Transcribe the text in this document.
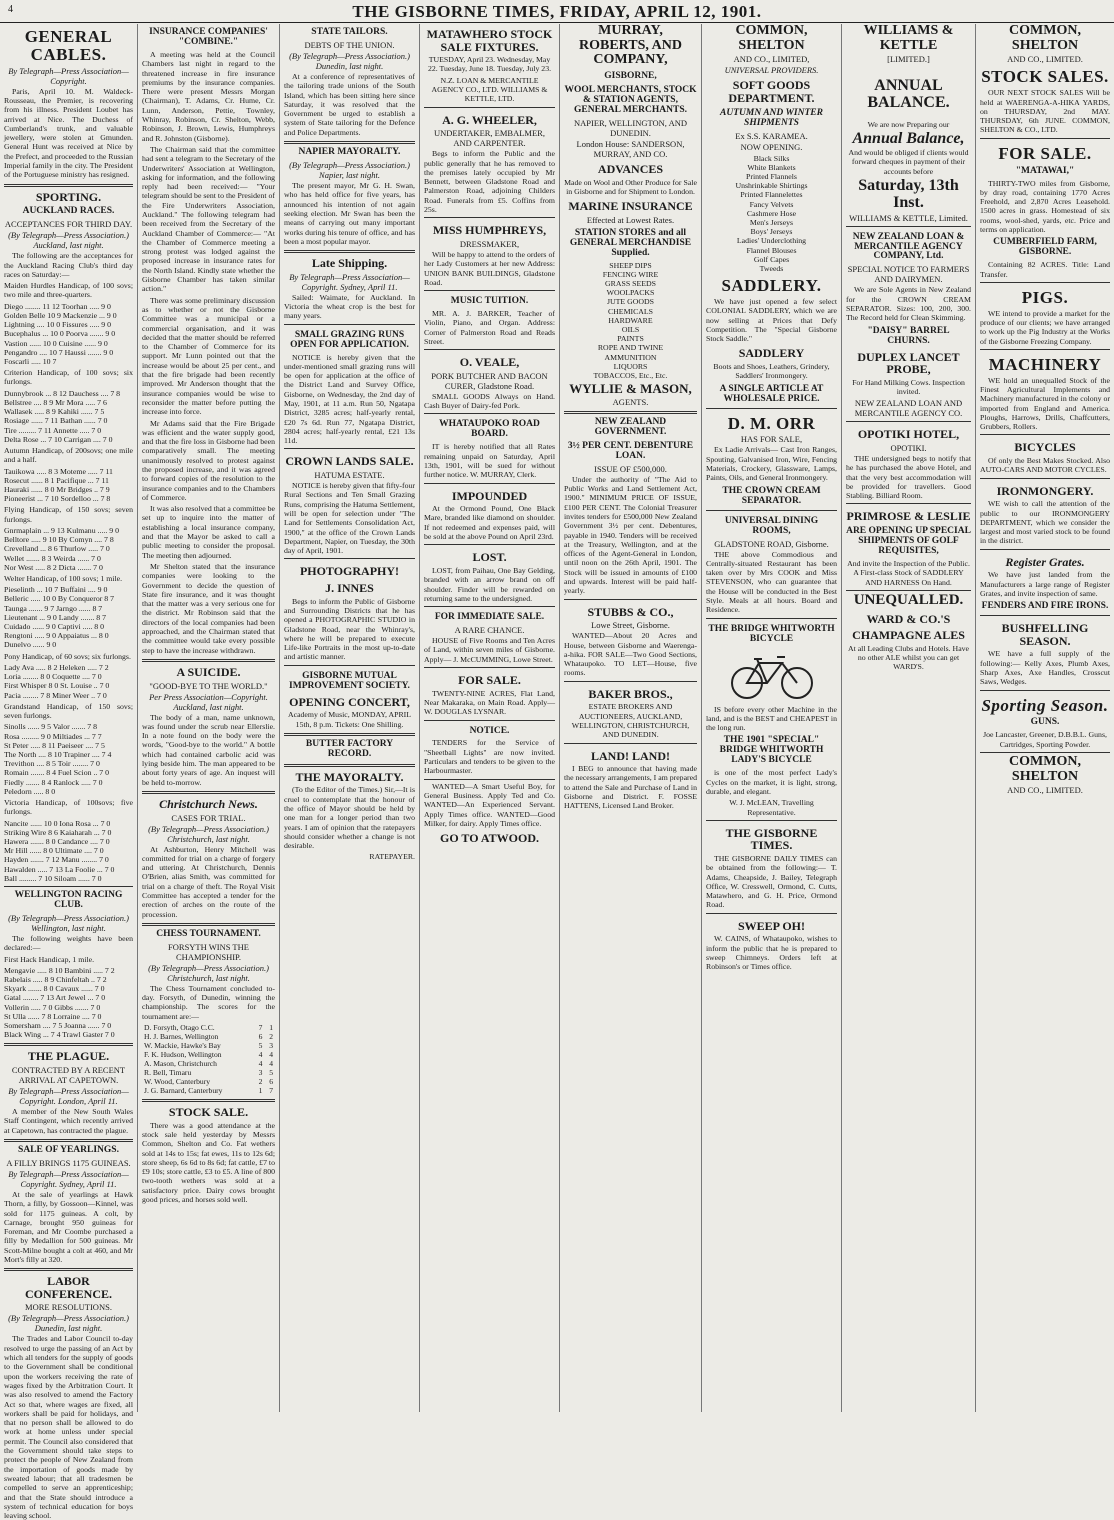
4	THE GISBORNE TIMES, FRIDAY, APRIL 12, 1901.
GENERAL CABLES.
By Telegraph—Press Association—Copyright.

Paris, April 10. M. Waldeck-Rousseau, the Premier, is recovering from his illness. President Loubet has arrived at Nice. The Duchess of Cumberland's trunk, and valuable jewellery, were stolen at Gmunden. General Hunt was received at Nice by the Prefect, and proceeded to the Russian Imperial family in the city. The President of the Portuguese ministry has resigned.

SPORTING.
AUCKLAND RACES.
ACCEPTANCES FOR THIRD DAY.
(By Telegraph—Press Association.) Auckland, last night.

The following are the acceptances for the Auckland Racing Club's third day races on Saturday:—

Maiden Hurdles Handicap, of 100 sovs; two mile and three-quarters.

Diego ........ 11 12 Toorhan ..... 9 0
Golden Belle 10 9 Mackenzie ... 9 0
Lightning .... 10 0 Fissures ..... 9 0
Bucephalus ... 10 0 Poorva ....... 9 0
Vastion ...... 10 0 Cuisine ...... 9 0
Pengandro .... 10 7 Haussi ....... 9 0
Foscarli ..... 10 7

Criterion Handicap, of 100 sovs; six furlongs.

Dunnybrook ... 8 12 Dauchess .... 7 8
Bellstree .... 8 9 Mr Mora ..... 7 6
Wallasek ..... 8 9 Kahiki ...... 7 5
Rosiage ...... 7 11 Bathan ...... 7 0
Tire ......... 7 11 Annette ..... 7 0
Delta Rose ... 7 10 Carrigan .... 7 0

Autumn Handicap, of 200sovs; one mile and a half.

Tauikowa ..... 8 3 Moteme ..... 7 11
Rosecut ...... 8 1 Pacifique ... 7 11
Hauraki ...... 8 0 Mr Bridges .. 7 9
Pioneerist ... 7 10 Sordelloo ... 7 8

Flying Handicap, of 150 sovs; seven furlongs.

Gnrmaplain ... 9 13 Kulmanu ..... 9 0
Belltore ..... 9 10 By Comyn .... 7 8
Crevelland ... 8 6 Thurlow ..... 7 0
Wellet ....... 8 3 Weirda ...... 7 0
Nor West ..... 8 2 Dicta ....... 7 0

Welter Handicap, of 100 sovs; 1 mile.

Pieselinth ... 10 7 Buffaini .... 9 0
Belleric ..... 10 0 By Conqueror 8 7
Taunga ....... 9 7 Jarngo ...... 8 7
Lieutenant ... 9 0 Landy ....... 8 7
Cuidado ...... 9 0 Captivi ..... 8 0
Rengtoni ..... 9 0 Appaiatus ... 8 0
Dunelvo ...... 9 0

Pony Handicap, of 60 sovs; six furlongs.

Lady Ava ..... 8 2 Heleken ..... 7 2
Loria ........ 8 0 Coquette .... 7 0
First Whisper 8 0 St. Louise .. 7 0
Pacia ........ 7 8 Miner Weer .. 7 0

Grandstand Handicap, of 150 sovs; seven furlongs.

Sinolls ...... 9 5 Valor ....... 7 8
Rosa ......... 9 0 Miltiades ... 7 7
St Peter ..... 8 11 Paeiseer .... 7 5
The North .... 8 10 Trapiner .... 7 4
Trevithon .... 8 5 Toir ........ 7 0
Romain ....... 8 4 Fuel Scion .. 7 0
Fiedly ....... 8 4 Ranlock ..... 7 0
Peledorn ..... 8 0

Victoria Handicap, of 100sovs; five furlongs.

Nancite ...... 10 0 Iona Rosa ... 7 0
Striking Wire 8 6 Kaiaharah ... 7 0
Hawera ....... 8 0 Candance .... 7 0
Mr Hill ...... 8 0 Ultimate .... 7 0
Hayden ....... 7 12 Manu ........ 7 0
Hawalden ..... 7 13 La Foolie ... 7 0
Ball ......... 7 10 Siloam ...... 7 0
WELLINGTON RACING CLUB.
(By Telegraph—Press Association.) Wellington, last night.

The following weights have been declared:—

First Hack Handicap, 1 mile.

Mengavie ..... 8 10 Bambini ..... 7 2
Rabelais ..... 8 9 Chinfeltah .. 7 2
Skyark ....... 8 0 Cavaux ...... 7 0
Gatal ........ 7 13 Art Jewel ... 7 0
Vollerin ..... 7 0 Gibbs ....... 7 0
St Ulla ...... 7 8 Lorraine .... 7 0
Somersham .... 7 5 Joanna ...... 7 0
Black Wing ... 7 4 Trawl Gaster 7 0
THE PLAGUE.
CONTRACTED BY A RECENT ARRIVAL AT CAPETOWN.
By Telegraph—Press Association—Copyright. London, April 11.

A member of the New South Wales Staff Contingent, which recently arrived at Capetown, has contracted the plague.

SALE OF YEARLINGS.
A FILLY BRINGS 1175 GUINEAS.
By Telegraph—Press Association—Copyright. Sydney, April 11.

At the sale of yearlings at Hawk Thorn, a filly, by Gossoon—Kinnel, was sold for 1175 guineas. A colt, by Carnage, brought 950 guineas for Foreman, and Mr Coombe purchased a filly by Medallion for 500 guineas. Mr Scott-Milne bought a colt at 460, and Mr Mort's filly at 320.

LABOR CONFERENCE.
MORE RESOLUTIONS.
(By Telegraph—Press Association.) Dunedin, last night.

The Trades and Labor Council to-day resolved to urge the passing of an Act by which all tenders for the supply of goods to the Government shall be conditional upon the workers receiving the rate of wages fixed by the Arbitration Court. It was also resolved to amend the Factory Act so that, where wages are fixed, all workers shall be paid for holidays, and that no person shall be allowed to do work at home unless under special permit. The Council also considered that the Government should take steps to protect the people of New Zealand from the importation of goods made by sweated labour; that all tradesmen be compelled to serve an apprenticeship; and that the State should introduce a system of technical education for boys leaving school.

INSURANCE COMPANIES' "COMBINE."

A meeting was held at the Council Chambers last night in regard to the threatened increase in fire insurance premiums by the insurance companies. There were present Messrs Morgan (Chairman), T. Adams, Cr. Hume, Cr. Lunn, Anderson, Pettie, Townley, Whinray, Robinson, Cr. Shelton, Webb, Robinson, J. Brown, Lewis, Humphreys and R. Johnston (Gisborne).

The Chairman said that the committee had sent a telegram to the Secretary of the Underwriters' Association at Wellington, asking for information, and the following reply had been received:— "Your telegram should be sent to the President of the Fire Underwriters Association, Auckland." The following telegram had been received from the Secretary of the Auckland Chamber of Commerce:— "At the Chamber of Commerce meeting a strong protest was lodged against the proposed increase in insurance rates for the North Island. Kindly state whether the Gisborne Chamber has taken similar action."

There was some preliminary discussion as to whether or not the Gisborne Committee was a municipal or a commercial organisation, and it was decided that the matter should be referred to the Chamber of Commerce for its support. Mr Lunn pointed out that the increase would be about 25 per cent., and that the fire brigade had been recently improved. Mr Anderson thought that the insurance companies would be wise to reconsider the matter before putting the increase into force.

Mr Adams said that the Fire Brigade was efficient and the water supply good, and that the fire loss in Gisborne had been comparatively small. The meeting unanimously resolved to protest against the proposed increase, and it was agreed to forward copies of the resolution to the insurance companies and to the Chambers of Commerce.

It was also resolved that a committee be set up to inquire into the matter of establishing a local insurance company, and that the Mayor be asked to call a public meeting to consider the proposal. The meeting then adjourned.

Mr Shelton stated that the insurance companies were looking to the Government to decide the question of State fire insurance, and it was thought that the matter was a very serious one for the district. Mr Robinson said that the directors of the local companies had been approached, and the Chairman stated that the committee would take every possible step to have the increase withdrawn.

A SUICIDE.
"GOOD-BYE TO THE WORLD."
Per Press Association—Copyright. Auckland, last night.

The body of a man, name unknown, was found under the scrub near Ellerslie. In a note found on the body were the words, "Good-bye to the world." A bottle which had contained carbolic acid was lying beside him. The man appeared to be about forty years of age. An inquest will be held to-morrow.

Christchurch News.
CASES FOR TRIAL.
(By Telegraph—Press Association.) Christchurch, last night.

At Ashburton, Henry Mitchell was committed for trial on a charge of forgery and uttering. At Christchurch, Dennis O'Brien, alias Smith, was committed for trial on a charge of theft. The Royal Visit Committee has accepted a tender for the erection of arches on the route of the procession.

CHESS TOURNAMENT.
FORSYTH WINS THE CHAMPIONSHIP.
(By Telegraph—Press Association.) Christchurch, last night.

The Chess Tournament concluded to-day. Forsyth, of Dunedin, winning the championship. The scores for the tournament are:—

D. Forsyth, Otago C.C.	7	1
H. J. Barnes, Wellington	6	2
W. Mackie, Hawke's Bay	5	3
F. K. Hudson, Wellington	4	4
A. Mason, Christchurch	4	4
R. Bell, Timaru	3	5
W. Wood, Canterbury	2	6
J. G. Barnard, Canterbury	1	7
STOCK SALE.

There was a good attendance at the stock sale held yesterday by Messrs Common, Shelton and Co. Fat wethers sold at 14s to 15s; fat ewes, 11s to 12s 6d; store sheep, 6s 6d to 8s 6d; fat cattle, £7 to £9 10s; store cattle, £3 to £5. A line of 800 two-tooth wethers was sold at a satisfactory price. Dairy cows brought good prices, and horses sold well.

STATE TAILORS.
DEBTS OF THE UNION.
(By Telegraph—Press Association.) Dunedin, last night.

At a conference of representatives of the tailoring trade unions of the South Island, which has been sitting here since Saturday, it was resolved that the Government be urged to establish a system of State tailoring for the Defence and Police Departments.

NAPIER MAYORALTY.
(By Telegraph—Press Association.) Napier, last night.

The present mayor, Mr G. H. Swan, who has held office for five years, has announced his intention of not again seeking election. Mr Swan has been the means of carrying out many important works during his tenure of office, and has been a most popular mayor.

Late Shipping.
By Telegraph—Press Association—Copyright. Sydney, April 11.

Sailed: Waimate, for Auckland. In Victoria the wheat crop is the best for many years.

SMALL GRAZING RUNS OPEN FOR APPLICATION.

NOTICE is hereby given that the under-mentioned small grazing runs will be open for application at the office of the District Land and Survey Office, Gisborne, on Wednesday, the 2nd day of May, 1901, at 11 a.m. Run 50, Ngatapa District, 3285 acres; half-yearly rental, £20 7s 6d. Run 77, Ngatapa District, 2804 acres; half-yearly rental, £21 13s 11d.

CROWN LANDS SALE.
HATUMA ESTATE.

NOTICE is hereby given that fifty-four Rural Sections and Ten Small Grazing Runs, comprising the Hatuma Settlement, will be open for selection under "The Land for Settlements Consolidation Act, 1900," at the office of the Crown Lands Department, Napier, on Tuesday, the 30th day of April, 1901.

PHOTOGRAPHY!
J. INNES

Begs to inform the Public of Gisborne and Surrounding Districts that he has opened a PHOTOGRAPHIC STUDIO in Gladstone Road, near the Whinray's, where he will be prepared to execute Life-like Portraits in the most up-to-date and artistic manner.

GISBORNE MUTUAL IMPROVEMENT SOCIETY.
OPENING CONCERT,

Academy of Music, MONDAY, APRIL 15th, 8 p.m. Tickets: One Shilling.

BUTTER FACTORY RECORD.
THE MAYORALTY.

(To the Editor of the Times.) Sir,—It is cruel to contemplate that the honour of the office of Mayor should be held by one man for a longer period than two years. I am of opinion that the ratepayers should consider whether a change is not desirable.

RATEPAYER.

MATAWHERO STOCK SALE FIXTURES.

TUESDAY, April 23. Wednesday, May 22. Tuesday, June 18. Tuesday, July 23.

N.Z. LOAN & MERCANTILE AGENCY CO., LTD. WILLIAMS & KETTLE, LTD.

A. G. WHEELER,
UNDERTAKER, EMBALMER, AND CARPENTER.

Begs to inform the Public and the public generally that he has removed to the premises lately occupied by Mr Bennett, between Gladstone Road and Palmerston Road, adjoining Childers Road. Funerals from £5. Coffins from 25s.

MISS HUMPHREYS,
DRESSMAKER,

Will be happy to attend to the orders of her Lady Customers at her new Address: UNION BANK BUILDINGS, Gladstone Road.

MUSIC TUITION.

MR. A. J. BARKER, Teacher of Violin, Piano, and Organ. Address: Corner of Palmerston Road and Reads Street.

O. VEALE,
PORK BUTCHER AND BACON CURER, Gladstone Road.

SMALL GOODS Always on Hand. Cash Buyer of Dairy-fed Pork.

WHATAUPOKO ROAD BOARD.

IT is hereby notified that all Rates remaining unpaid on Saturday, April 13th, 1901, will be sued for without further notice. W. MURRAY, Clerk.

IMPOUNDED

At the Ormond Pound, One Black Mare, branded like diamond on shoulder. If not redeemed and expenses paid, will be sold at the above Pound on April 23rd.

LOST.

LOST, from Paihau, One Bay Gelding, branded with an arrow brand on off shoulder. Finder will be rewarded on returning same to the undersigned.

FOR IMMEDIATE SALE.
A RARE CHANCE.

HOUSE of Five Rooms and Ten Acres of Land, within seven miles of Gisborne. Apply— J. McCUMMING, Lowe Street.

FOR SALE.

TWENTY-NINE ACRES, Flat Land, Near Makaraka, on Main Road. Apply— W. DOUGLAS LYSNAR.

NOTICE.

TENDERS for the Service of "Sheetball Lights" are now invited. Particulars and tenders to be given to the Harbourmaster.

WANTED—A Smart Useful Boy, for General Business. Apply Ted and Co. WANTED—An Experienced Servant. Apply Times office. WANTED—Good Milker, for dairy. Apply Times office.

GO TO ATWOOD.
MURRAY, ROBERTS, AND COMPANY,
GISBORNE,
WOOL MERCHANTS, STOCK & STATION AGENTS, GENERAL MERCHANTS.
NAPIER, WELLINGTON, AND DUNEDIN.
London House: SANDERSON, MURRAY, AND CO.
ADVANCES

Made on Wool and Other Produce for Sale in Gisborne and for Shipment to London.

MARINE INSURANCE
Effected at Lowest Rates.
STATION STORES and all GENERAL MERCHANDISE Supplied.
SHEEP DIPS
FENCING WIRE
GRASS SEEDS
WOOLPACKS
JUTE GOODS
CHEMICALS
HARDWARE
OILS
PAINTS
ROPE AND TWINE
AMMUNITION
LIQUORS
TOBACCOS, Etc., Etc.
WYLLIE & MASON,
AGENTS.
NEW ZEALAND GOVERNMENT.
3½ PER CENT. DEBENTURE LOAN.
ISSUE OF £500,000.

Under the authority of "The Aid to Public Works and Land Settlement Act, 1900." MINIMUM PRICE OF ISSUE, £100 PER CENT. The Colonial Treasurer invites tenders for £500,000 New Zealand Government 3½ per cent. Debentures, payable in 1940. Tenders will be received at the Treasury, Wellington, and at the offices of the Agent-General in London, until noon on the 26th April, 1901. The Stock will be issued in amounts of £100 and upwards. Interest will be paid half-yearly.

STUBBS & CO.,
Lowe Street, Gisborne.

WANTED—About 20 Acres and House, between Gisborne and Waerenga-a-hika. FOR SALE—Two Good Sections, Whataupoko. TO LET—House, five rooms.

BAKER BROS.,

ESTATE BROKERS AND AUCTIONEERS, AUCKLAND, WELLINGTON, CHRISTCHURCH, AND DUNEDIN.

LAND! LAND!

I BEG to announce that having made the necessary arrangements, I am prepared to attend the Sale and Purchase of Land in Gisborne and District. F. FOSSE HATTENS, Licensed Land Broker.

COMMON, SHELTON
AND CO., LIMITED,
UNIVERSAL PROVIDERS.
SOFT GOODS DEPARTMENT.
AUTUMN AND WINTER SHIPMENTS
Ex S.S. KARAMEA.
NOW OPENING.
Black Silks
White Blankets
Printed Flannels
Unshrinkable Shirtings
Printed Flannelettes
Fancy Velvets
Cashmere Hose
Men's Jerseys
Boys' Jerseys
Ladies' Underclothing
Flannel Blouses
Golf Capes
Tweeds
SADDLERY.

We have just opened a few select COLONIAL SADDLERY, which we are now selling at Prices that Defy Competition. The "Special Gisborne Stock Saddle."

SADDLERY

Boots and Shoes, Leathers, Grindery, Saddlers' Ironmongery.

A SINGLE ARTICLE AT WHOLESALE PRICE.
D. M. ORR
HAS FOR SALE,

Ex Ladie Arrivals— Cast Iron Ranges, Spouting, Galvanised Iron, Wire, Fencing Materials, Crockery, Glassware, Lamps, Paints, Oils, and General Ironmongery.

THE CROWN CREAM SEPARATOR.
UNIVERSAL DINING ROOMS,
GLADSTONE ROAD, Gisborne.

THE above Commodious and Centrally-situated Restaurant has been taken over by Mrs COOK and Miss STEVENSON, who can guarantee that the House will be conducted in the Best Style. Meals at all hours. Board and Residence.

THE BRIDGE WHITWORTH BICYCLE

IS before every other Machine in the land, and is the BEST and CHEAPEST in the long run.

THE 1901 "SPECIAL" BRIDGE WHITWORTH LADY'S BICYCLE

is one of the most perfect Lady's Cycles on the market, it is light, strong, durable, and elegant.

W. J. McLEAN, Travelling Representative.

THE GISBORNE TIMES.

THE GISBORNE DAILY TIMES can be obtained from the following:— T. Adams, Cheapside, J. Bailey, Telegraph Office, W. Cresswell, Ormond, C. Cutts, Matawhero, and G. H. Price, Ormond Road.

SWEEP OH!

W. CAINS, of Whataupoko, wishes to inform the public that he is prepared to sweep Chimneys. Orders left at Robinson's or Times office.

WILLIAMS & KETTLE
[LIMITED.]
ANNUAL BALANCE.

We are now Preparing our

Annual Balance,

And would be obliged if clients would forward cheques in payment of their accounts before

Saturday, 13th Inst.
WILLIAMS & KETTLE, Limited.
NEW ZEALAND LOAN & MERCANTILE AGENCY COMPANY, Ltd.
SPECIAL NOTICE TO FARMERS AND DAIRYMEN.

We are Sole Agents in New Zealand for the CROWN CREAM SEPARATOR. Sizes: 100, 200, 300. The Record held for Clean Skimming.

"DAISY" BARREL CHURNS.
DUPLEX LANCET PROBE,

For Hand Milking Cows. Inspection invited.

NEW ZEALAND LOAN AND MERCANTILE AGENCY CO.
OPOTIKI HOTEL,
OPOTIKI.

THE undersigned begs to notify that he has purchased the above Hotel, and that the very best accommodation will be provided for travellers. Good Stabling. Billiard Room.

PRIMROSE & LESLIE
ARE OPENING UP SPECIAL SHIPMENTS OF GOLF REQUISITES,

And invite the Inspection of the Public. A First-class Stock of SADDLERY AND HARNESS On Hand.

UNEQUALLED.
WARD & CO.'S
CHAMPAGNE ALES

At all Leading Clubs and Hotels. Have no other ALE whilst you can get WARD'S.

COMMON, SHELTON
AND CO., LIMITED.
STOCK SALES.

OUR NEXT STOCK SALES Will be held at WAERENGA-A-HIKA YARDS, on THURSDAY, 2nd MAY. THURSDAY, 6th JUNE. COMMON, SHELTON & CO., LTD.

FOR SALE.
"MATAWAI,"

THIRTY-TWO miles from Gisborne, by dray road, containing 1770 Acres Freehold, and 2,870 Acres Leasehold. 1500 acres in grass. Homestead of six rooms, wool-shed, yards, etc. Price and terms on application.

CUMBERFIELD FARM, GISBORNE.

Containing 82 ACRES. Title: Land Transfer.

PIGS.

WE intend to provide a market for the produce of our clients; we have arranged to work up the Pig Industry at the Works of the Gisborne Freezing Company.

MACHINERY

WE hold an unequalled Stock of the Finest Agricultural Implements and Machinery manufactured in the colony or imported from England and America. Ploughs, Harrows, Drills, Chaffcutters, Grubbers, Rollers.

BICYCLES

Of only the Best Makes Stocked. Also AUTO-CARS AND MOTOR CYCLES.

IRONMONGERY.

WE wish to call the attention of the public to our IRONMONGERY DEPARTMENT, which we consider the largest and most varied stock to be found in the district.

Register Grates.

We have just landed from the Manufacturers a large range of Register Grates, and invite inspection of same.

FENDERS AND FIRE IRONS.
BUSHFELLING SEASON.

WE have a full supply of the following:— Kelly Axes, Plumb Axes, Sharp Axes, Axe Handles, Crosscut Saws, Wedges.

Sporting Season.
GUNS.

Joe Lancaster, Greener, D.B.B.L. Guns, Cartridges, Sporting Powder.

COMMON, SHELTON
AND CO., LIMITED.
